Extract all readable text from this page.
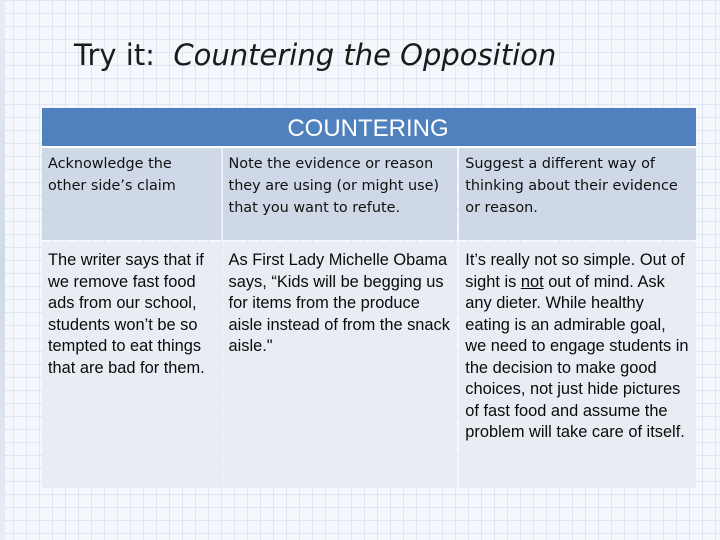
Try it: Countering the Opposition
COUNTERING
Acknowledge the other side’s claim	Note the evidence or reason they are using (or might use) that you want to refute.	Suggest a different way of thinking about their evidence or reason.
The writer says that if we remove fast food ads from our school, students won’t be so tempted to eat things that are bad for them.	As First Lady Michelle Obama says, “Kids will be begging us for items from the produce aisle instead of from the snack aisle."	It’s really not so simple. Out of sight is not out of mind. Ask any dieter. While healthy eating is an admirable goal, we need to engage students in the decision to make good choices, not just hide pictures of fast food and assume the problem will take care of itself.
